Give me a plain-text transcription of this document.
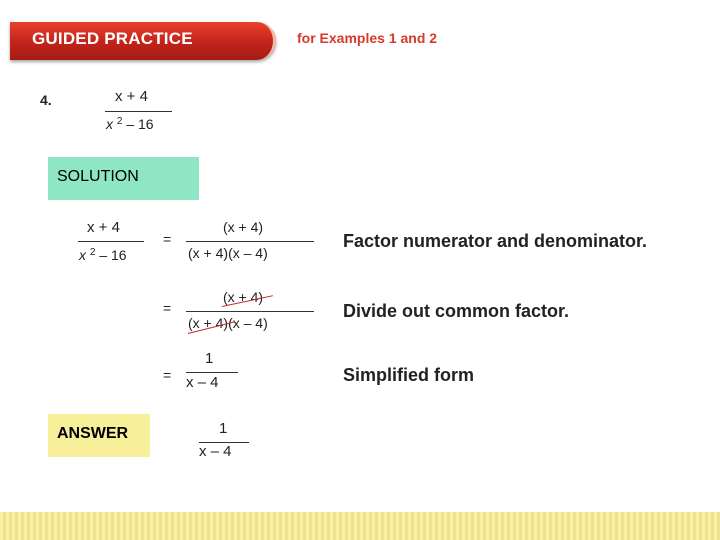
GUIDED PRACTICE	for Examples 1 and 2
4.	x + 4
x $^2$ – 16
SOLUTION
x + 4
x $^2$ – 16
=
(x + 4)
(x + 4)(x – 4)
Factor numerator and denominator.
=
(x + 4)
(x + 4)(x – 4)
Divide out common factor.
=
1
x – 4	Simplified form
ANSWER	1
x – 4
